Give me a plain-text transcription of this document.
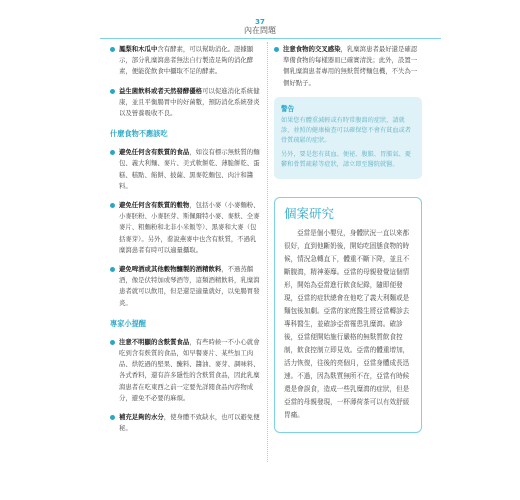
37
內在問題
鳳梨和木瓜中含有酵素，可以幫助消化。證據顯示，部分乳糜瀉患者無法自行製造足夠的消化酵素，便能從飲食中攝取不足的酵素。
益生菌飲料或者天然發酵優格可以促進消化系統健康，並且平衡腸胃中的好菌數，預防消化系統發炎以及營養吸收不良。
什麼食物不應該吃
避免任何含有麩質的食品，如沒有標示無麩質的麵包、義大利麵、麥片、美式軟餅乾、薄脆餅乾、蛋糕、糕點、餡餅、披薩、黑麥乾麵包、肉汁和醬料。
避免任何含有麩質的穀物，包括小麥（小麥麵粉、小麥胚粉、小麥胚芽、斯佩爾特小麥、麥麩、全麥麥片、粗麵粉和北非小米飯等）、黑麥和大麥（包括麥芽）。另外，蕎說燕麥中也含有麩質，不過乳糜瀉患者有時可以適量攝取。
避免啤酒或其他穀物釀製的酒精飲料，不過蒸餾酒，像是伏特加或琴酒等，這類酒精飲料，乳糜瀉患者就可以飲用，但是還是適量就好，以免腸胃發炎。
專家小提醒
注意不明顯的含麩質食品，有些時候一不小心就會吃到含有麩質的食品，如早餐麥片、某些加工肉品、烘乾過的堅果、醃料、醬油、麥芽、調味料、各式香料，還有許多隱性的含麩質食品，因此乳糜瀉患者在吃東西之前一定要先詳閱食品內容物成分，避免不必要的麻煩。
補充足夠的水分，使身體不致缺水，也可以避免便秘。
注意食物的交叉感染，乳糜瀉患者最好還是確認準備食物的每樣器皿已確實清洗；此外，設置一個乳糜瀉患者專用的無麩質烤麵包機，不失為一個好點子。
警告

如果您有體重減輕或有時常腹瀉的症狀，請就診，並照的健康檢查可以確保您不會有貧血或者骨質疏鬆的症狀。

另外，要是您有貧血、便祕、腹脹、胃脹氣、憂鬱和骨質疏鬆等症狀，請立即至醫院就醫。

個案研究
亞當是個小嬰兒，身體狀況一直以來都很好，直到他斷奶後，開始吃固態食物的時候，情況急轉直下，體重不斷下降，並且不斷腹瀉，精神萎靡。亞當的母親發覺這個情形，開始為亞當進行飲食紀錄，隨即便發現，亞當的症狀總會在他吃了義大利麵或是麵包後加劇。亞當的家庭醫生將亞當轉診去專科醫生，並確診亞當罹患乳糜瀉。確診後，亞當便開始施行嚴格的無麩質飲食控制，飲食控制立即見效。亞當的體重增加，活力恢復，往後的亮個月，亞當身體成長迅速。不過，因為麩質無所不在，亞當有時候還是會誤食，造成一些乳糜瀉的症狀，但是亞當的母親發現，一杯薄荷茶可以有效舒緩胃痛。
